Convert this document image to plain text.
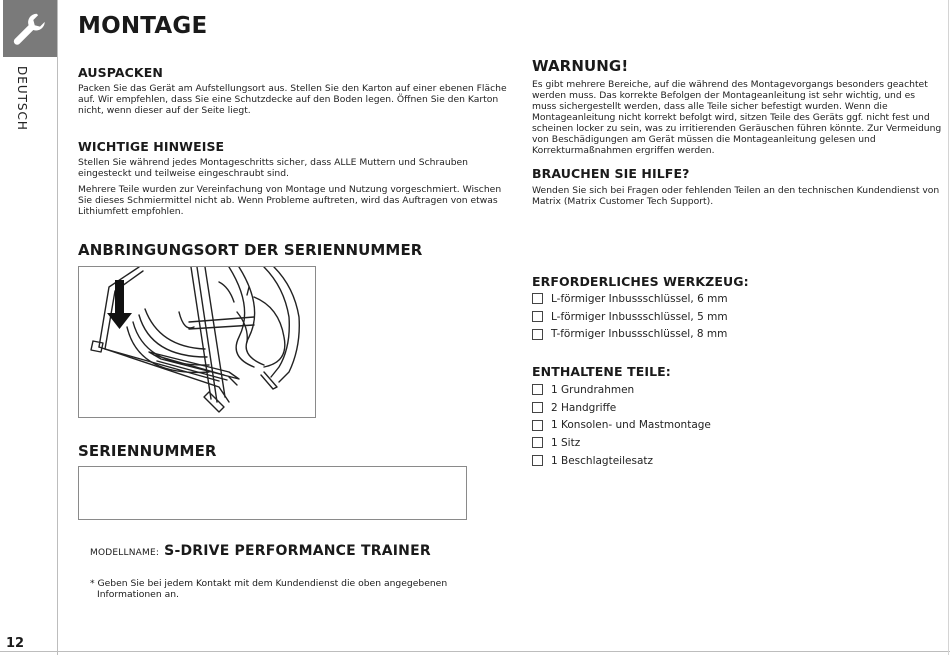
DEUTSCH
12
MONTAGE
AUSPACKEN
Packen Sie das Gerät am Aufstellungsort aus. Stellen Sie den Karton auf einer ebenen Fläche auf. Wir empfehlen, dass Sie eine Schutzdecke auf den Boden legen. Öffnen Sie den Karton nicht, wenn dieser auf der Seite liegt.
WICHTIGE HINWEISE
Stellen Sie während jedes Montageschritts sicher, dass ALLE Muttern und Schrauben eingesteckt und teilweise eingeschraubt sind.
Mehrere Teile wurden zur Vereinfachung von Montage und Nutzung vorgeschmiert. Wischen Sie dieses Schmiermittel nicht ab. Wenn Probleme auftreten, wird das Auftragen von etwas Lithiumfett empfohlen.
ANBRINGUNGSORT DER SERIENNUMMER
SERIENNUMMER
MODELLNAME: S-DRIVE PERFORMANCE TRAINER
* Geben Sie bei jedem Kontakt mit dem Kundendienst die oben angegebenen
Informationen an.
WARNUNG!
Es gibt mehrere Bereiche, auf die während des Montagevorgangs besonders geachtet werden muss. Das korrekte Befolgen der Montageanleitung ist sehr wichtig, und es muss sichergestellt werden, dass alle Teile sicher befestigt wurden. Wenn die Montageanleitung nicht korrekt befolgt wird, sitzen Teile des Geräts ggf. nicht fest und scheinen locker zu sein, was zu irritierenden Geräuschen führen könnte. Zur Vermeidung von Beschädigungen am Gerät müssen die Montageanleitung gelesen und Korrekturmaßnahmen ergriffen werden.
BRAUCHEN SIE HILFE?
Wenden Sie sich bei Fragen oder fehlenden Teilen an den technischen Kundendienst von Matrix (Matrix Customer Tech Support).
ERFORDERLICHES WERKZEUG:
L-förmiger Inbussschlüssel, 6 mm
L-förmiger Inbussschlüssel, 5 mm
T-förmiger Inbussschlüssel, 8 mm
ENTHALTENE TEILE:
1 Grundrahmen
2 Handgriffe
1 Konsolen- und Mastmontage
1 Sitz
1 Beschlagteilesatz
